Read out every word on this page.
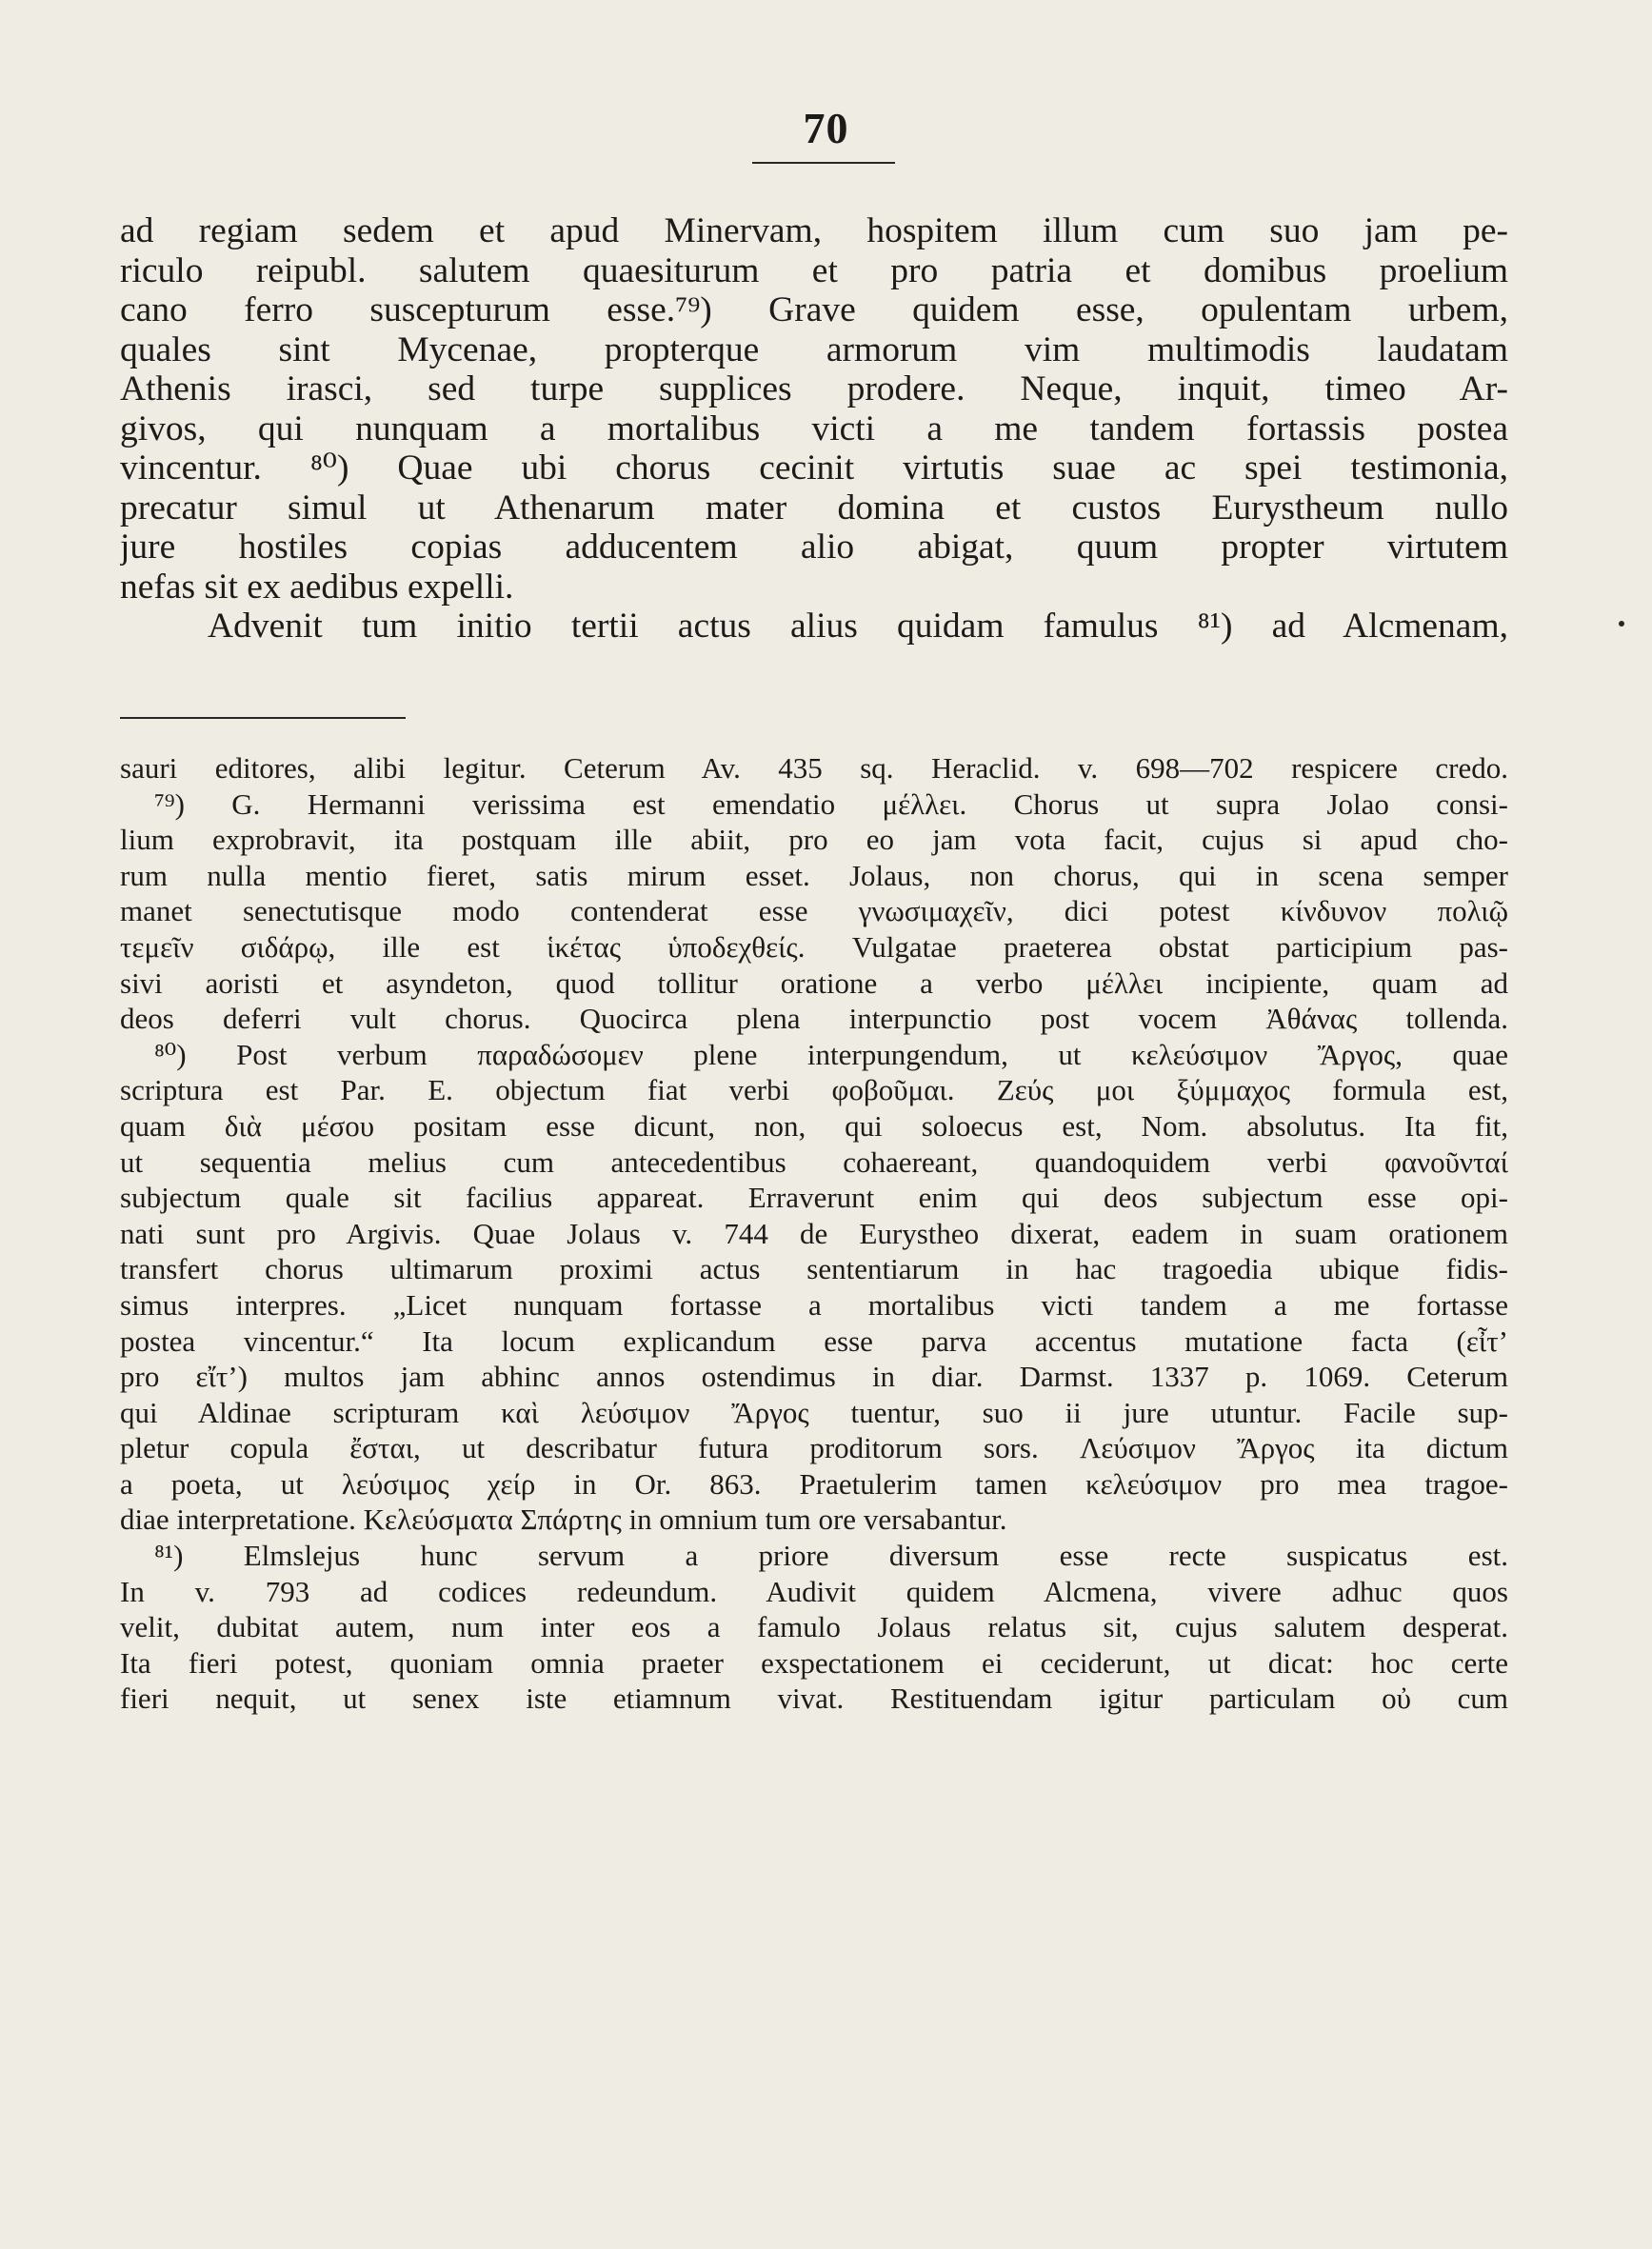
70
ad regiam sedem et apud Minervam, hospitem illum cum suo jam pe-
riculo reipubl. salutem quaesiturum et pro patria et domibus proelium
cano ferro suscepturum esse.⁷⁹) Grave quidem esse, opulentam urbem,
quales sint Mycenae, propterque armorum vim multimodis laudatam
Athenis irasci, sed turpe supplices prodere. Neque, inquit, timeo Ar-
givos, qui nunquam a mortalibus victi a me tandem fortassis postea
vincentur. ⁸⁰) Quae ubi chorus cecinit virtutis suae ac spei testimonia,
precatur simul ut Athenarum mater domina et custos Eurystheum nullo
jure hostiles copias adducentem alio abigat, quum propter virtutem
nefas sit ex aedibus expelli.
Advenit tum initio tertii actus alius quidam famulus ⁸¹) ad Alcmenam,
sauri editores, alibi legitur. Ceterum Av. 435 sq. Heraclid. v. 698—702 respicere credo.
⁷⁹) G. Hermanni verissima est emendatio μέλλει. Chorus ut supra Jolao consi-
lium exprobravit, ita postquam ille abiit, pro eo jam vota facit, cujus si apud cho-
rum nulla mentio fieret, satis mirum esset. Jolaus, non chorus, qui in scena semper
manet senectutisque modo contenderat esse γνωσιμαχεῖν, dici potest κίνδυνον πολιῷ
τεμεῖν σιδάρῳ, ille est ἱκέτας ὑποδεχθείς. Vulgatae praeterea obstat participium pas-
sivi aoristi et asyndeton, quod tollitur oratione a verbo μέλλει incipiente, quam ad
deos deferri vult chorus. Quocirca plena interpunctio post vocem Ἀθάνας tollenda.
⁸⁰) Post verbum παραδώσομεν plene interpungendum, ut κελεύσιμον Ἄργος, quae
scriptura est Par. E. objectum fiat verbi φοβοῦμαι. Ζεύς μοι ξύμμαχος formula est,
quam διὰ μέσου positam esse dicunt, non, qui soloecus est, Nom. absolutus. Ita fit,
ut sequentia melius cum antecedentibus cohaereant, quandoquidem verbi φανοῦνταί
subjectum quale sit facilius appareat. Erraverunt enim qui deos subjectum esse opi-
nati sunt pro Argivis. Quae Jolaus v. 744 de Eurystheo dixerat, eadem in suam orationem
transfert chorus ultimarum proximi actus sententiarum in hac tragoedia ubique fidis-
simus interpres. „Licet nunquam fortasse a mortalibus victi tandem a me fortasse
postea vincentur.“ Ita locum explicandum esse parva accentus mutatione facta (εἶτ’
pro εἴτ’) multos jam abhinc annos ostendimus in diar. Darmst. 1337 p. 1069. Ceterum
qui Aldinae scripturam καὶ λεύσιμον Ἄργος tuentur, suo ii jure utuntur. Facile sup-
pletur copula ἔσται, ut describatur futura proditorum sors. Λεύσιμον Ἄργος ita dictum
a poeta, ut λεύσιμος χείρ in Or. 863. Praetulerim tamen κελεύσιμον pro mea tragoe-
diae interpretatione. Κελεύσματα Σπάρτης in omnium tum ore versabantur.
⁸¹) Elmslejus hunc servum a priore diversum esse recte suspicatus est.
In v. 793 ad codices redeundum. Audivit quidem Alcmena, vivere adhuc quos
velit, dubitat autem, num inter eos a famulo Jolaus relatus sit, cujus salutem desperat.
Ita fieri potest, quoniam omnia praeter exspectationem ei ceciderunt, ut dicat: hoc certe
fieri nequit, ut senex iste etiamnum vivat. Restituendam igitur particulam οὐ cum
